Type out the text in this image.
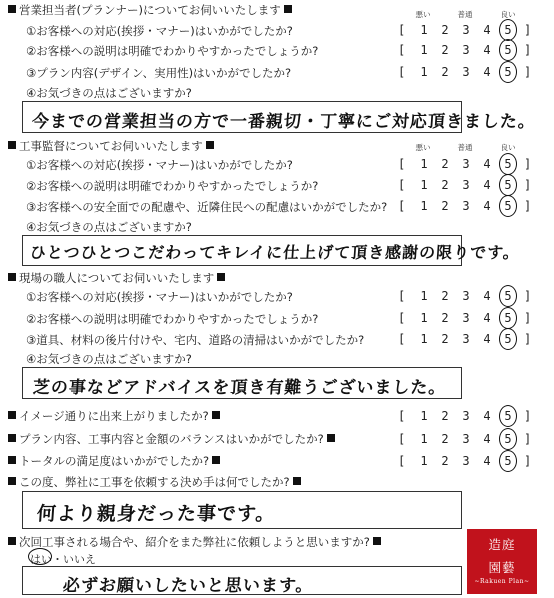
営業担当者(プランナー)についてお伺いいたします	悪い	普通	良い
①お客様への対応(挨拶・マナー)はいかがでしたか?	[ 1 2 3 4 5 ]
②お客様への説明は明確でわかりやすかったでしょうか?	[ 1 2 3 4 5 ]
③プラン内容(デザイン、実用性)はいかがでしたか?	[ 1 2 3 4 5 ]
④お気づきの点はございますか?
今までの営業担当の方で一番親切・丁寧にご対応頂きました。
工事監督についてお伺いいたします	悪い	普通	良い
①お客様への対応(挨拶・マナー)はいかがでしたか?	[ 1 2 3 4 5 ]
②お客様への説明は明確でわかりやすかったでしょうか?	[ 1 2 3 4 5 ]
③お客様への安全面での配慮や、近隣住民への配慮はいかがでしたか? [ 1 2 3 4 5 ]
④お気づきの点はございますか?
ひとつひとつこだわってキレイに仕上げて頂き感謝の限りです。
現場の職人についてお伺いいたします
①お客様への対応(挨拶・マナー)はいかがでしたか?	[ 1 2 3 4 5 ]
②お客様への説明は明確でわかりやすかったでしょうか?	[ 1 2 3 4 5 ]
③道具、材料の後片付けや、宅内、道路の清掃はいかがでしたか?	[ 1 2 3 4 5 ]
④お気づきの点はございますか?
芝の事などアドバイスを頂き有難うございました。
イメージ通りに出来上がりましたか?	[ 1 2 3 4 5 ]
プラン内容、工事内容と金額のバランスはいかがでしたか?	[ 1 2 3 4 5 ]
トータルの満足度はいかがでしたか?	[ 1 2 3 4 5 ]
この度、弊社に工事を依頼する決め手は何でしたか?
何より親身だった事です。
次回工事される場合や、紹介をまた弊社に依頼しようと思いますか?
はい・いいえ
必ずお願いしたいと思います。
造庭
園藝
~Rakuen Plan~
